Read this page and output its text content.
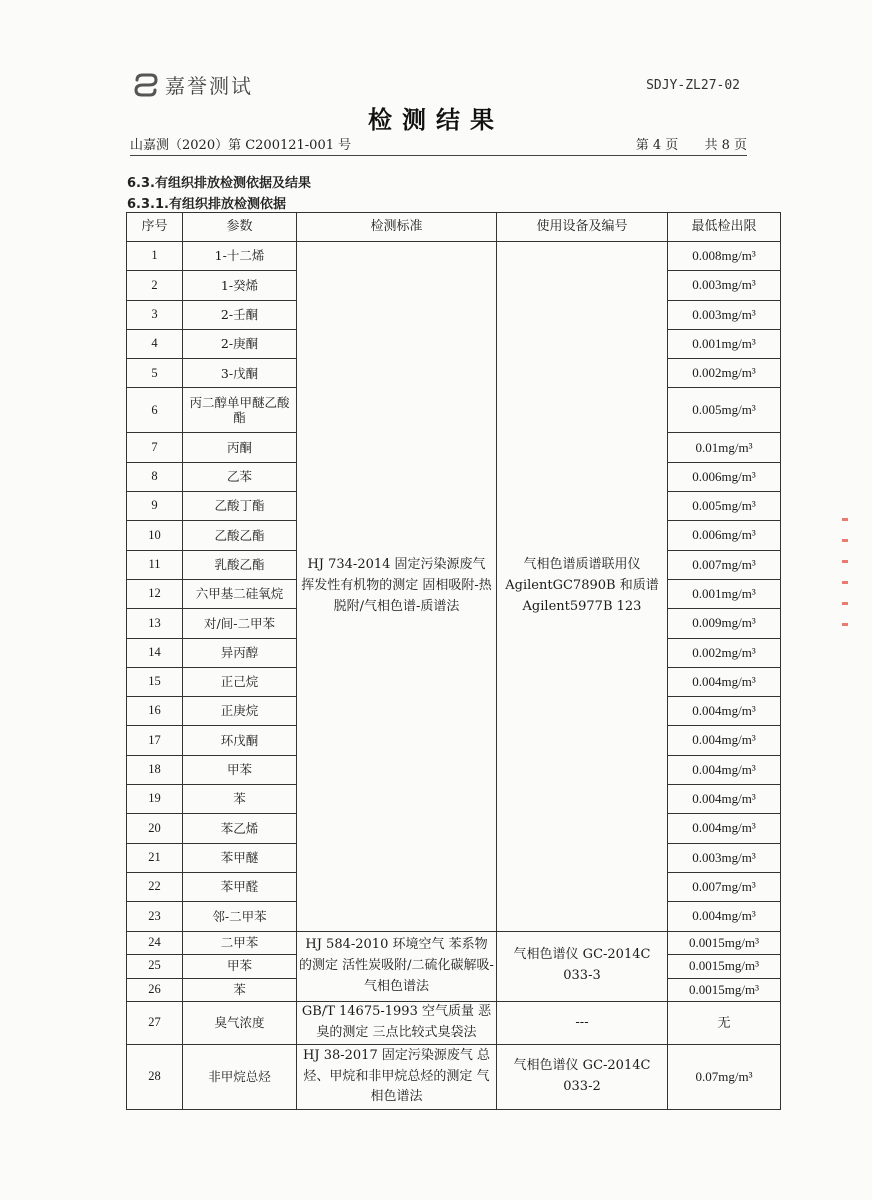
嘉誉测试	SDJY-ZL27-02
检测结果
山嘉测（2020）第 C200121-001 号	第 4 页 共 8 页
6.3.有组织排放检测依据及结果
6.3.1.有组织排放检测依据
序号	参数	检测标准	使用设备及编号	最低检出限
1	1-十二烯	HJ 734-2014 固定污染源废气 挥发性有机物的测定 固相吸附-热脱附/气相色谱-质谱法	气相色谱质谱联用仪 AgilentGC7890B 和质谱 Agilent5977B 123	0.008mg/m³
2	1-癸烯			0.003mg/m³
3	2-壬酮			0.003mg/m³
4	2-庚酮			0.001mg/m³
5	3-戊酮			0.002mg/m³
6	丙二醇单甲醚乙酸酯			0.005mg/m³
7	丙酮			0.01mg/m³
8	乙苯			0.006mg/m³
9	乙酸丁酯			0.005mg/m³
10	乙酸乙酯			0.006mg/m³
11	乳酸乙酯			0.007mg/m³
12	六甲基二硅氧烷			0.001mg/m³
13	对/间-二甲苯			0.009mg/m³
14	异丙醇			0.002mg/m³
15	正己烷			0.004mg/m³
16	正庚烷			0.004mg/m³
17	环戊酮			0.004mg/m³
18	甲苯			0.004mg/m³
19	苯			0.004mg/m³
20	苯乙烯			0.004mg/m³
21	苯甲醚			0.003mg/m³
22	苯甲醛			0.007mg/m³
23	邻-二甲苯			0.004mg/m³
24	二甲苯	HJ 584-2010 环境空气 苯系物的测定 活性炭吸附/二硫化碳解吸-气相色谱法	气相色谱仪 GC-2014C 033-3	0.0015mg/m³
25	甲苯			0.0015mg/m³
26	苯			0.0015mg/m³
27	臭气浓度	GB/T 14675-1993 空气质量 恶臭的测定 三点比较式臭袋法	---	无
28	非甲烷总烃	HJ 38-2017 固定污染源废气 总烃、甲烷和非甲烷总烃的测定 气相色谱法	气相色谱仪 GC-2014C 033-2	0.07mg/m³
